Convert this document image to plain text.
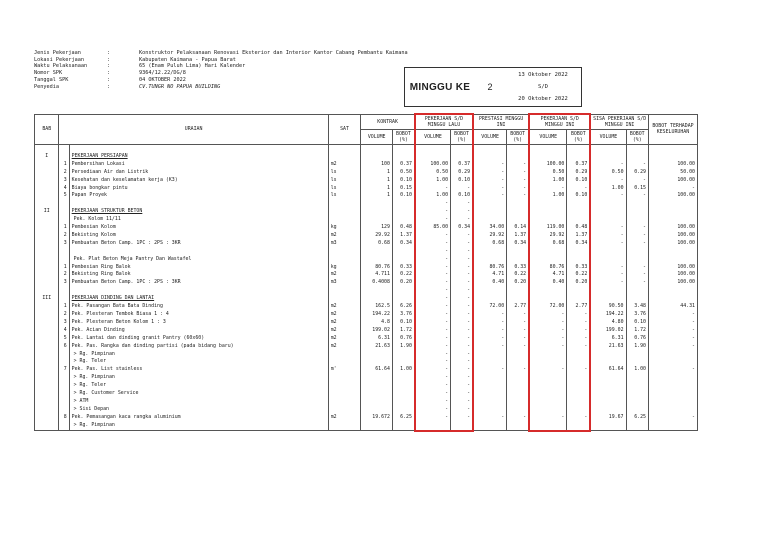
Jenis Pekerjaan	:	Konstruktor Pelaksanaan Renovasi Eksterior dan Interior Kantor Cabang Pembantu Kaimana
Lokasi Pekerjaan	:	Kabupaten Kaimana - Papua Barat
Waktu Pelaksanaan	:	65 (Enam Puluh Lima) Hari Kalender
Nomor SPK	:	9364/12.22/DG/8
Tanggal SPK	:	04 OKTOBER 2022
Penyedia	:	CV.TUNGR NO PAPUA BUILDING	MINGGU KE	2
13 Oktober 2022
S/D
20 Oktober 2022
BAB	URAIAN		SAT	KONTRAK		PEKERJAAN S/D MINGGU LALU		PRESTASI MINGGU INI		PEKERJAAN S/D MINGGU INI		SISA PEKERJAAN S/D MINGGU INI		BOBOT TERHADAP KESELURUHAN
				VOLUME	BOBOT (%)	VOLUME	BOBOT (%)	VOLUME	BOBOT (%)	VOLUME	BOBOT (%)	VOLUME	BOBOT (%)	

I		PEKERJAAN PERSIAPAN												
	1	Pembersihan Lokasi	m2	100	0.37	100.00	0.37	-	-	100.00	0.37	-	-	100.00
	2	Persediaan Air dan Listrik	ls	1	0.50	0.50	0.29	-	-	0.50	0.29	0.50	0.29	50.00
	3	Kesehatan dan keselamatan kerja (K3)	ls	1	0.10	1.00	0.10	-	-	1.00	0.10	-	-	100.00
	4	Biaya bongkar pintu	ls	1	0.15	-	-	-	-	-	-	1.00	0.15	-
	5	Papan Proyek	ls	1	0.10	1.00	0.10	-	-	1.00	0.10	-	-	100.00
						-	-							
II		PEKERJAAN STRUKTUR BETON				-	-							
		Pek. Kolom 11/11				-	-							
	1	Pembesian Kolom	kg	129	0.48	85.00	0.34	34.00	0.14	119.00	0.48	-	-	100.00
	2	Bekisting Kolom	m2	29.92	1.37	-	-	29.92	1.37	29.92	1.37	-	-	100.00
	3	Pembuatan Beton Camp. 1PC : 2PS : 3KR	m3	0.68	0.34	-	-	0.68	0.34	0.68	0.34	-	-	100.00
						-	-							
		Pek. Plat Beton Meja Pantry Dan Wastafel				-	-							
	1	Pembesian Ring Balok	kg	80.76	0.33	-	-	80.76	0.33	80.76	0.33	-	-	100.00
	2	Bekisting Ring Balok	m2	4.711	0.22	-	-	4.71	0.22	4.71	0.22	-	-	100.00
	3	Pembuatan Beton Camp. 1PC : 2PS : 3KR	m3	0.4008	0.20	-	-	0.40	0.20	0.40	0.20	-	-	100.00
						-	-							
III		PEKERJAAN DINDING DAN LANTAI				-	-							
	1	Pek. Pasangan Bata Bata Dinding	m2	162.5	6.26	-	-	72.00	2.77	72.00	2.77	90.50	3.48	44.31
	2	Pek. Plesteran Tembok Biasa 1 : 4	m2	194.22	3.76	-	-	-	-	-	-	194.22	3.76	-
	3	Pek. Plesteran Beton Kolom 1 : 3	m2	4.8	0.10	-	-	-	-	-	-	4.80	0.10	-
	4	Pek. Acian Dinding	m2	199.02	1.72	-	-	-	-	-	-	199.02	1.72	-
	5	Pek. Lantai dan dinding granit Pantry (60x60)	m2	6.31	0.76	-	-	-	-	-	-	6.31	0.76	-
	6	Pek. Pas. Rangka dan dinding partisi (pada bidang baru)	m2	21.63	1.90	-	-	-	-	-	-	21.63	1.90	-
		> Rg. Pimpinan				-	-							
		> Rg. Teler				-	-							
	7	Pek. Pas. List stainless	m'	61.64	1.00	-	-	-	-	-	-	61.64	1.00	-
		> Rg. Pimpinan				-	-							
		> Rg. Teler				-	-							
		> Rg. Customer Service				-	-							
		> ATM				-	-							
		> Sisi Depan				-	-							
	8	Pek. Pemasangan kaca rangka aluminium	m2	19.672	6.25	-	-	-	-	-	-	19.67	6.25	-
		> Rg. Pimpinan												
